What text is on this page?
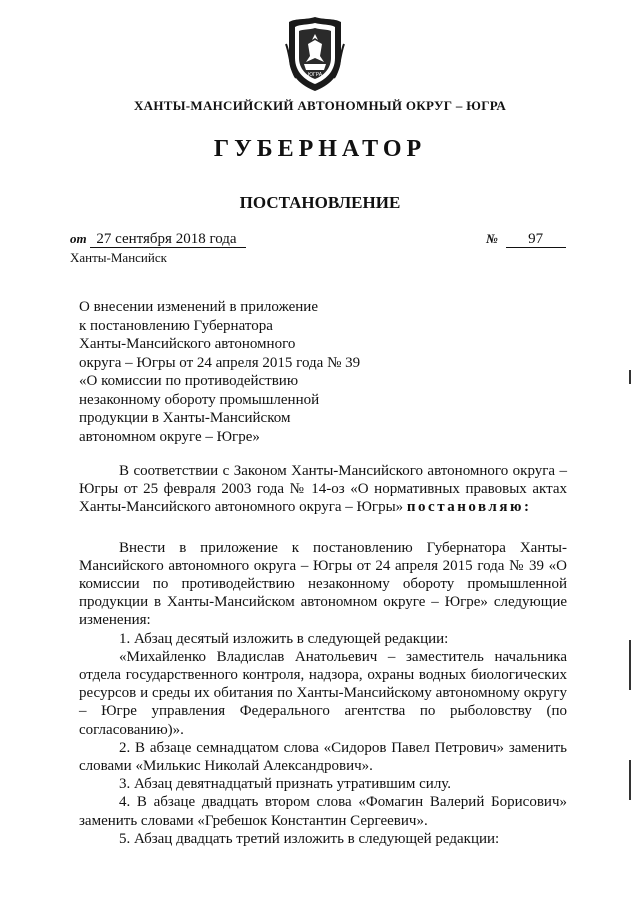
ЮГРА
ХАНТЫ-МАНСИЙСКИЙ АВТОНОМНЫЙ ОКРУГ – ЮГРА
ГУБЕРНАТОР
ПОСТАНОВЛЕНИЕ
от 27 сентября 2018 года	№ 97
Ханты-Мансийск
О внесении изменений в приложение
к постановлению Губернатора
Ханты-Мансийского автономного
округа – Югры от 24 апреля 2015 года № 39
«О комиссии по противодействию
незаконному обороту промышленной
продукции в Ханты-Мансийском
автономном округе – Югре»

В соответствии с Законом Ханты-Мансийского автономного округа – Югры от 25 февраля 2003 года № 14-оз «О нормативных правовых актах Ханты-Мансийского автономного округа – Югры» постановляю:

Внести в приложение к постановлению Губернатора Ханты-Мансийского автономного округа – Югры от 24 апреля 2015 года № 39 «О комиссии по противодействию незаконному обороту промышленной продукции в Ханты-Мансийском автономном округе – Югре» следующие изменения:

1. Абзац десятый изложить в следующей редакции:

«Михайленко Владислав Анатольевич – заместитель начальника отдела государственного контроля, надзора, охраны водных биологических ресурсов и среды их обитания по Ханты-Мансийскому автономному округу – Югре управления Федерального агентства по рыболовству (по согласованию)».

2. В абзаце семнадцатом слова «Сидоров Павел Петрович» заменить словами «Милькис Николай Александрович».

3. Абзац девятнадцатый признать утратившим силу.

4. В абзаце двадцать втором слова «Фомагин Валерий Борисович» заменить словами «Гребешок Константин Сергеевич».

5. Абзац двадцать третий изложить в следующей редакции:
